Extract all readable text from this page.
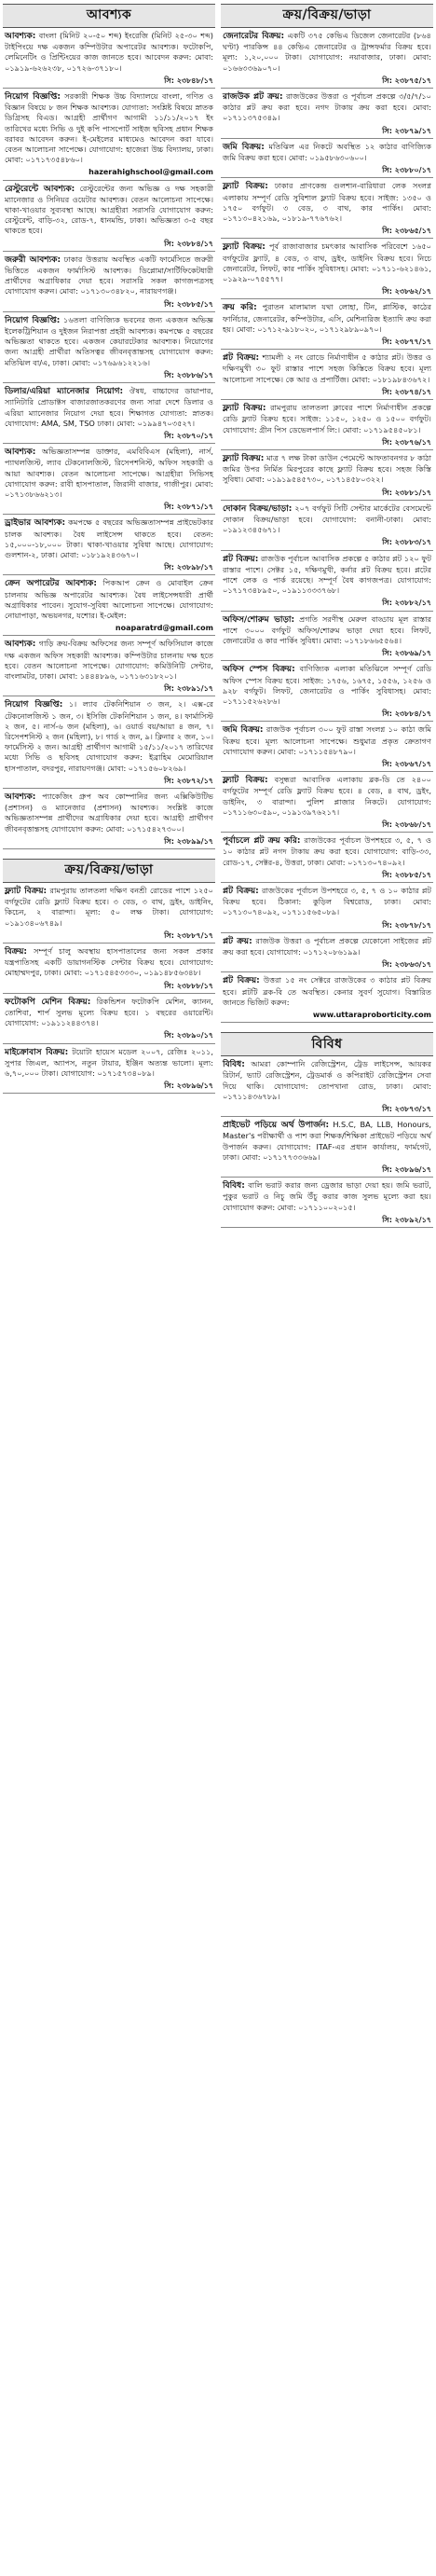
আবশ্যক
আবশ্যক: বাংলা (মিনিট ২০-৫০ শব্দ) ইংরেজি (মিনিট ২৫-৩০ শব্দ) টাইপিংয়ে দক্ষ একজন কম্পিউটার অপারেটর আবশ্যক। ফটোকপি, লেমিনেটিং ও প্রিন্টিংয়ের কাজ জানতে হবে। আবেদন করুন: মোবা: ০১৯১৯-৬২৬২৩৮, ০১৭২৬-৩৭১৮০।
সি: ২৩৮৪৮/১৭
নিয়োগ বিজ্ঞপ্তি: সরকারী শিক্ষক উচ্চ বিদ্যালয়ে বাংলা, গণিত ও বিজ্ঞান বিষয়ে ৮ জন শিক্ষক আবশ্যক। যোগ্যতা: সংশ্লিষ্ট বিষয়ে স্নাতক ডিগ্রিসহ বিএড। আগ্রহী প্রার্থীগণ আগামী ১১/১১/২০১৭ ইং তারিখের মধ্যে সিভি ও দুই কপি পাসপোর্ট সাইজ ছবিসহ প্রধান শিক্ষক বরাবর আবেদন করুন। ই-মেইলের মাধ্যমেও আবেদন করা যাবে। বেতন আলোচনা সাপেক্ষে। যোগাযোগ: হাজেরা উচ্চ বিদ্যালয়, ঢাকা। মোবা: ০১৭১৭৩৫৪৮৬০।
hazerahighschool@gmail.com
রেস্টুরেন্টে আবশ্যক: রেস্টুরেন্টের জন্য অভিজ্ঞ ও দক্ষ সহকারী ম্যানেজার ও সিনিয়র ওয়েটার আবশ্যক। বেতন আলোচনা সাপেক্ষে। থাকা-খাওয়ার সুব্যবস্থা আছে। আগ্রহীরা সরাসরি যোগাযোগ করুন: রেস্টুরেন্ট, বাড়ি-৩২, রোড-৭, ধানমন্ডি, ঢাকা। অভিজ্ঞতা ৩-৫ বছর থাকতে হবে।
সি: ২৩৮৮৪/১৭
জরুরী আবশ্যক: ঢাকার উত্তরায় অবস্থিত একটি ফার্মেসিতে জরুরী ভিত্তিতে একজন ফার্মাসিস্ট আবশ্যক। ডিপ্লোমা/সার্টিফিকেটধারী প্রার্থীদের অগ্রাধিকার দেয়া হবে। সরাসরি সকল কাগজপত্রসহ যোগাযোগ করুন। মোবা: ০১৭১৩০৩৪৮২০, নারায়ণগঞ্জ।
সি: ২৩৮৮৫/১৭
নিয়োগ বিজ্ঞপ্তি: ১৬তলা বাণিজ্যিক ভবনের জন্য একজন অভিজ্ঞ ইলেকট্রিশিয়ান ও দুইজন নিরাপত্তা প্রহরী আবশ্যক। কমপক্ষে ৫ বছরের অভিজ্ঞতা থাকতে হবে। একজন কেয়ারটেকার আবশ্যক। নিয়োগের জন্য আগ্রহী প্রার্থীরা অতিসত্বর জীবনবৃত্তান্তসহ যোগাযোগ করুন: মতিঝিল বা/এ, ঢাকা। মোবা: ০১৭৬৯৬১২২১৬।
সি: ২৩৮৮৬/১৭
ডিলার/এরিয়া ম্যানেজার নিয়োগ: ঔষধ, বাচ্চাদের ডায়াপার, স্যানিটারি প্রোডাক্টস বাজারজাতকরণের জন্য সারা দেশে ডিলার ও এরিয়া ম্যানেজার নিয়োগ দেয়া হবে। শিক্ষাগত যোগ্যতা: স্নাতক। যোগাযোগ: AMA, SM, TSO ঢাকা। মোবা: ০১৯৯৪৭০৩৫২৭।
সি: ২৩৮৭০/১৭
আবশ্যক: অভিজ্ঞতাসম্পন্ন ডাক্তার, এমবিবিএস (মহিলা), নার্স, প্যাথলজিস্ট, ল্যাব টেকনোলজিস্ট, রিসেপশনিস্ট, অফিস সহকারী ও আয়া আবশ্যক। বেতন আলোচনা সাপেক্ষে। আগ্রহীরা সিভিসহ যোগাযোগ করুন: রাবী হাসপাতাল, জিরানী বাজার, গাজীপুর। মোবা: ০১৭১৩৮৬৬২১৩।
সি: ২৩৮৭১/১৭
ড্রাইভার আবশ্যক: কমপক্ষে ৫ বছরের অভিজ্ঞতাসম্পন্ন প্রাইভেটকার চালক আবশ্যক। বৈধ লাইসেন্স থাকতে হবে। বেতন: ১৫,০০০-১৮,০০০ টাকা। থাকা-খাওয়ার সুবিধা আছে। যোগাযোগ: গুলশান-২, ঢাকা। মোবা: ০১৮১৯২৪৩৬৭০।
সি: ২৩৮৯৮/১৭
ক্রেন অপারেটর আবশ্যক: পিকআপ ক্রেন ও মোবাইল ক্রেন চালনায় অভিজ্ঞ অপারেটর আবশ্যক। বৈধ লাইসেন্সধারী প্রার্থী অগ্রাধিকার পাবেন। সুযোগ-সুবিধা আলোচনা সাপেক্ষে। যোগাযোগ: নোয়াপাড়া, অভয়নগর, যশোর। ই-মেইল:
noaparatrd@gmail.com
আবশ্যক: গাড়ি ক্রয়-বিক্রয় অফিসের জন্য সম্পূর্ণ অফিসিয়াল কাজে দক্ষ একজন অফিস সহকারী আবশ্যক। কম্পিউটার চালনায় দক্ষ হতে হবে। বেতন আলোচনা সাপেক্ষে। যোগাযোগ: কমিউনিটি সেন্টার, বাংলামটর, ঢাকা। মোবা: ১৪৪৪৮৯৬, ০১৭১৬৩১৮২০১।
সি: ২৩৮৯১/১৭
নিয়োগ বিজ্ঞপ্তি: ১। ল্যাব টেকনিশিয়ান ৩ জন, ২। এক্স-রে টেকনোলজিস্ট ১ জন, ৩। ইসিজি টেকনিশিয়ান ১ জন, ৪। ফার্মাসিস্ট ২ জন, ৫। নার্স-৬ জন (মহিলা), ৬। ওয়ার্ড বয়/আয়া ৪ জন, ৭। রিসেপশনিস্ট ২ জন (মহিলা), ৮। গার্ড ২ জন, ৯। ক্লিনার ২ জন, ১০। ফার্মেসিস্ট ২ জন। আগ্রহী প্রার্থীগণ আগামী ১৫/১১/২০১৭ তারিখের মধ্যে সিভি ও ছবিসহ যোগাযোগ করুন: ইব্রাহিম মেমোরিয়াল হাসপাতাল, বদরপুর, নারায়ণগঞ্জ। মোবা: ০১৭১৫৬০৮২৬৯।
সি: ২৩৮৭২/১৭
আবশ্যক: প্যাকেজিং গ্রুপ অব কোম্পানির জন্য এক্সিকিউটিভ (প্রশাসন) ও ম্যানেজার (প্রশাসন) আবশ্যক। সংশ্লিষ্ট কাজে অভিজ্ঞতাসম্পন্ন প্রার্থীদের অগ্রাধিকার দেয়া হবে। আগ্রহী প্রার্থীগণ জীবনবৃত্তান্তসহ যোগাযোগ করুন: মোবা: ০১৭১৫৪২৭৩০০।
সি: ২৩৮৯৯/১৭
ক্রয়/বিক্রয়/ভাড়া
ফ্ল্যাট বিক্রয়: রামপুরায় তালতলা দক্ষিণ বনশ্রী রোডের পাশে ১২৫০ বর্গফুটের রেডি ফ্ল্যাট বিক্রয় হবে। ৩ বেড, ৩ বাথ, ড্রইং, ডাইনিং, কিচেন, ২ বারান্দা। মূল্য: ৫০ লক্ষ টাকা। যোগাযোগ: ০১৯১৩৪০৬৭৪৯।
সি: ২৩৮৮৭/১৭
বিক্রয়: সম্পূর্ণ চালু অবস্থায় হাসপাতালের জন্য সকল প্রকার যন্ত্রপাতিসহ একটি ডায়াগনস্টিক সেন্টার বিক্রয় হবে। যোগাযোগ: মোহাম্মদপুর, ঢাকা। মোবা: ০১৭১৫৪৫৩৩৩০, ০১৯১৪৮৫৬৩৪৮।
সি: ২৩৮৮৮/১৭
ফটোকপি মেশিন বিক্রয়: রিকন্ডিশন ফটোকপি মেশিন, ক্যানন, তোশিবা, শার্প সুলভ মূল্যে বিক্রয় হবে। ১ বছরের ওয়ারেন্টি। যোগাযোগ: ০১৯১১২৪৪৩৭৪।
সি: ২৩৮৯০/১৭
মাইক্রোবাস বিক্রয়: টয়োটা হায়েস মডেল ২০০৭, রেজিঃ ২০১১, সুপার জিএল, অ্যাপস, নতুন টায়ার, ইঞ্জিন অত্যন্ত ভালো। মূল্য: ৬,৭০,০০০ টাকা। যোগাযোগ: ০১৭১৫৭৩৪০৮৯।
সি: ২৩৮৯৬/১৭
ক্রয়/বিক্রয়/ভাড়া
জেনারেটর বিক্রয়: একটি ৩৭৫ কেভিএ ডিজেল জেনারেটর (৮৬৪ ঘণ্টা) পারকিন্স ৪৪ কেভিএ জেনারেটর ও ট্রান্সফর্মার বিক্রয় হবে। মূল্য: ১,২০,০০০ টাকা। যোগাযোগ: নয়াবাজার, ঢাকা। মোবা: ০১৬৬৩৩৬৯০৭০।
সি: ২৩৮৭৫/১৭
রাজউক প্লট ক্রয়: রাজউকের উত্তরা ও পূর্বাচল প্রকল্পে ৩/৫/৭/১০ কাঠার প্লট ক্রয় করা হবে। নগদ টাকায় ক্রয় করা হবে। মোবা: ০১৭১১৩৭৫৩৪৯।
সি: ২৩৮৭৯/১৭
জমি বিক্রয়: মতিঝিল এর নিকটে অবস্থিত ১২ কাঠার বাণিজ্যিক জমি বিক্রয় করা হবে। মোবা: ০১৯৫৮৬৩০৬০০।
সি: ২৩৮৮০/১৭
ফ্ল্যাট বিক্রয়: ঢাকার প্রাণকেন্দ্র গুলশান-বারিধারা লেক সংলগ্ন এলাকায় সম্পূর্ণ রেডি সুবিশাল ফ্ল্যাট বিক্রয় হবে। সাইজ: ১৩৫০ ও ১৭৫০ বর্গফুট। ৩ বেড, ৩ বাথ, কার পার্কিং। মোবা: ০১৭১৩০৪২১৬৯, ০১৮১৯-৭৭৬৭৬২।
সি: ২৩৮৬৫/১৭
ফ্ল্যাট বিক্রয়: পূর্ব রাজাবাজার চমৎকার আবাসিক পরিবেশে ১৬৫০ বর্গফুটের ফ্ল্যাট, ৪ বেড, ৩ বাথ, ড্রইং, ডাইনিং বিক্রয় হবে। নিচে জেনারেটর, লিফট, কার পার্কিং সুবিধাসহ। মোবা: ০১৭১১-৬২১৪৬১, ০১৯২৯-০৭৫৫৭৭।
সি: ২৩৮৬২/১৭
ক্রয় করি: পুরাতন মালামাল যথা লোহা, টিন, প্লাস্টিক, কাঠের ফার্নিচার, জেনারেটর, কম্পিউটার, এসি, মেশিনারিজ ইত্যাদি ক্রয় করা হয়। মোবা: ০১৭১২-৯১৮০২০, ০১৭১২৯৮৯০৯৭০।
সি: ২৩৮৭৭/১৭
প্লট বিক্রয়: শ্যামলী ২ নং রোডে নির্মাণাধীন ৫ কাঠার প্লট। উত্তর ও দক্ষিণমুখী ৩০ ফুট রাস্তার পাশে সহজ কিস্তিতে বিক্রয় হবে। মূল্য আলোচনা সাপেক্ষে। কে আর ও প্রপার্টিজ। মোবা: ০১৮১৯৮৪৩৬৭২।
সি: ২৩৮৭৪/১৭
ফ্ল্যাট বিক্রয়: রামপুরায় তালতলা ক্লাবের পাশে নির্মাণাধীন প্রকল্পে রেডি ফ্ল্যাট বিক্রয় হবে। সাইজ: ১১৫০, ১২৫০ ও ১৫০০ বর্গফুট। যোগাযোগ: গ্রীন পিস ডেভেলপার্স লি:। মোবা: ০১৭১৯৫৪৫০৮১।
সি: ২৩৮৭৬/১৭
ফ্ল্যাট বিক্রয়: মাত্র ৭ লক্ষ টাকা ডাউন পেমেন্টে আফতাবনগর ৮ কাঠা জমির উপর নির্মিত মিরপুরের কাছে ফ্ল্যাট বিক্রয় হবে। সহজ কিস্তি সুবিধা। মোবা: ০১৯১৯৫৪৫৭৩০, ০১৭১৪৫৮০৩২২।
সি: ২৩৮৮১/১৭
দোকান বিক্রয়/ভাড়া: ২০৭ বর্গফুট সিটি সেন্টার মার্কেটের বেসমেন্টে দোকান বিক্রয়/ভাড়া হবে। যোগাযোগ: বনানী-ঢাকা। মোবা: ০১৯১২৩৪৫৬৭১।
সি: ২৩৮৮৩/১৭
প্লট বিক্রয়: রাজউক পূর্বাচল আবাসিক প্রকল্পে ৫ কাঠার প্লট ১২০ ফুট রাস্তার পাশে। সেক্টর ১৫, দক্ষিণমুখী, কর্নার প্লট বিক্রয় হবে। প্লটের পাশে লেক ও পার্ক রয়েছে। সম্পূর্ণ বৈধ কাগজপত্র। যোগাযোগ: ০১৭১৭৩৪৮৯৫০, ০১৯১১৩৩৩৭৬৮।
সি: ২৩৮৮২/১৭
অফিস/শোরুম ভাড়া: প্রগতি সরণীস্থ মেরুল বাড্ডায় মূল রাস্তার পাশে ৩০০০ বর্গফুট অফিস/শোরুম ভাড়া দেয়া হবে। লিফট, জেনারেটর ও কার পার্কিং সুবিধা। মোবা: ০১৭১৮৬৬৫৫৬৪।
সি: ২৩৮৬৯/১৭
অফিস স্পেস বিক্রয়: বাণিজ্যিক এলাকা মতিঝিলে সম্পূর্ণ রেডি অফিস স্পেস বিক্রয় হবে। সাইজ: ১৭৫৬, ১৬৭৫, ১৫৫৬, ১২৫৬ ও ৯২৮ বর্গফুট। লিফট, জেনারেটর ও পার্কিং সুবিধাসহ। মোবা: ০১৭১১৫২৬২৮৬।
সি: ২৩৮৮৪/১৭
জমি বিক্রয়: রাজউক পূর্বাচল ৩০০ ফুট রাস্তা সংলগ্ন ১০ কাঠা জমি বিক্রয় হবে। মূল্য আলোচনা সাপেক্ষে। শুধুমাত্র প্রকৃত ক্রেতাগণ যোগাযোগ করুন। মোবা: ০১৭১১৫৪৮৭৯০।
সি: ২৩৮৬৭/১৭
ফ্ল্যাট বিক্রয়: বসুন্ধরা আবাসিক এলাকায় ব্লক-ডি তে ২৪০০ বর্গফুটের সম্পূর্ণ রেডি ফ্ল্যাট বিক্রয় হবে। ৪ বেড, ৪ বাথ, ড্রইং, ডাইনিং, ৩ বারান্দা। পুলিশ প্লাজার নিকটে। যোগাযোগ: ০১৭১১৬৩০৫৯০, ০১৯১৩৯৭৬২১৭।
সি: ২৩৮৬৮/১৭
পূর্বাচলে প্লট ক্রয় করি: রাজউকের পূর্বাচল উপশহরে ৩, ৫, ৭ ও ১০ কাঠার প্লট নগদ টাকায় ক্রয় করা হবে। যোগাযোগ: বাড়ি-৩৩, রোড-১৭, সেক্টর-৪, উত্তরা, ঢাকা। মোবা: ০১৭১৩০৭৪০৯২।
সি: ২৩৮৮৫/১৭
প্লট বিক্রয়: রাজউকের পূর্বাচল উপশহরে ৩, ৫, ৭ ও ১০ কাঠার প্লট বিক্রয় হবে। ঠিকানা: কুড়িল বিশ্বরোড, ঢাকা। মোবা: ০১৭১৩০৭৪০৯২, ০১৭১১৫৬৫০৮৯।
সি: ২৩৮৭৮/১৭
প্লট ক্রয়: রাজউক উত্তরা ও পূর্বাচল প্রকল্পে যেকোনো সাইজের প্লট ক্রয় করা হবে। যোগাযোগ: ০১৭১২০৮৬১৯৯।
সি: ২৩৮৬৩/১৭
প্লট বিক্রয়: উত্তরা ১৫ নং সেক্টরে রাজউকের ৩ কাঠার প্লট বিক্রয় হবে। প্লটটি ব্লক-বি তে অবস্থিত। কেনার সুবর্ণ সুযোগ। বিস্তারিত জানতে ভিজিট করুন:
www.uttaraproborticity.com
বিবিধ
বিবিধ: আমরা কোম্পানি রেজিস্ট্রেশন, ট্রেড লাইসেন্স, আয়কর রিটার্ন, ভ্যাট রেজিস্ট্রেশন, ট্রেডমার্ক ও কপিরাইট রেজিস্ট্রেশন সেবা দিয়ে থাকি। যোগাযোগ: তোপখানা রোড, ঢাকা। মোবা: ০১৭১১৪৩৬৭৮৯।
সি: ২৩৮৭৩/১৭
প্রাইভেট পড়িয়ে অর্থ উপার্জন: H.S.C, BA, LLB, Honours, Master's পরীক্ষার্থী ও পাশ করা শিক্ষক/শিক্ষিকা প্রাইভেট পড়িয়ে অর্থ উপার্জন করুন। যোগাযোগ: ITAF-এর প্রধান কার্যালয়, ফার্মগেট, ঢাকা। মোবা: ০১৭১৭৭৩৩৬৬৯।
সি: ২৩৮৯৬/১৭
বিবিধ: বালি ভরাট করার জন্য ড্রেজার ভাড়া দেয়া হয়। জমি ভরাট, পুকুর ভরাট ও নিচু জমি উঁচু করার কাজ সুলভ মূল্যে করা হয়। যোগাযোগ করুন: মোবা: ০১৭১১০০২০১৫।
সি: ২৩৮৯২/১৭
